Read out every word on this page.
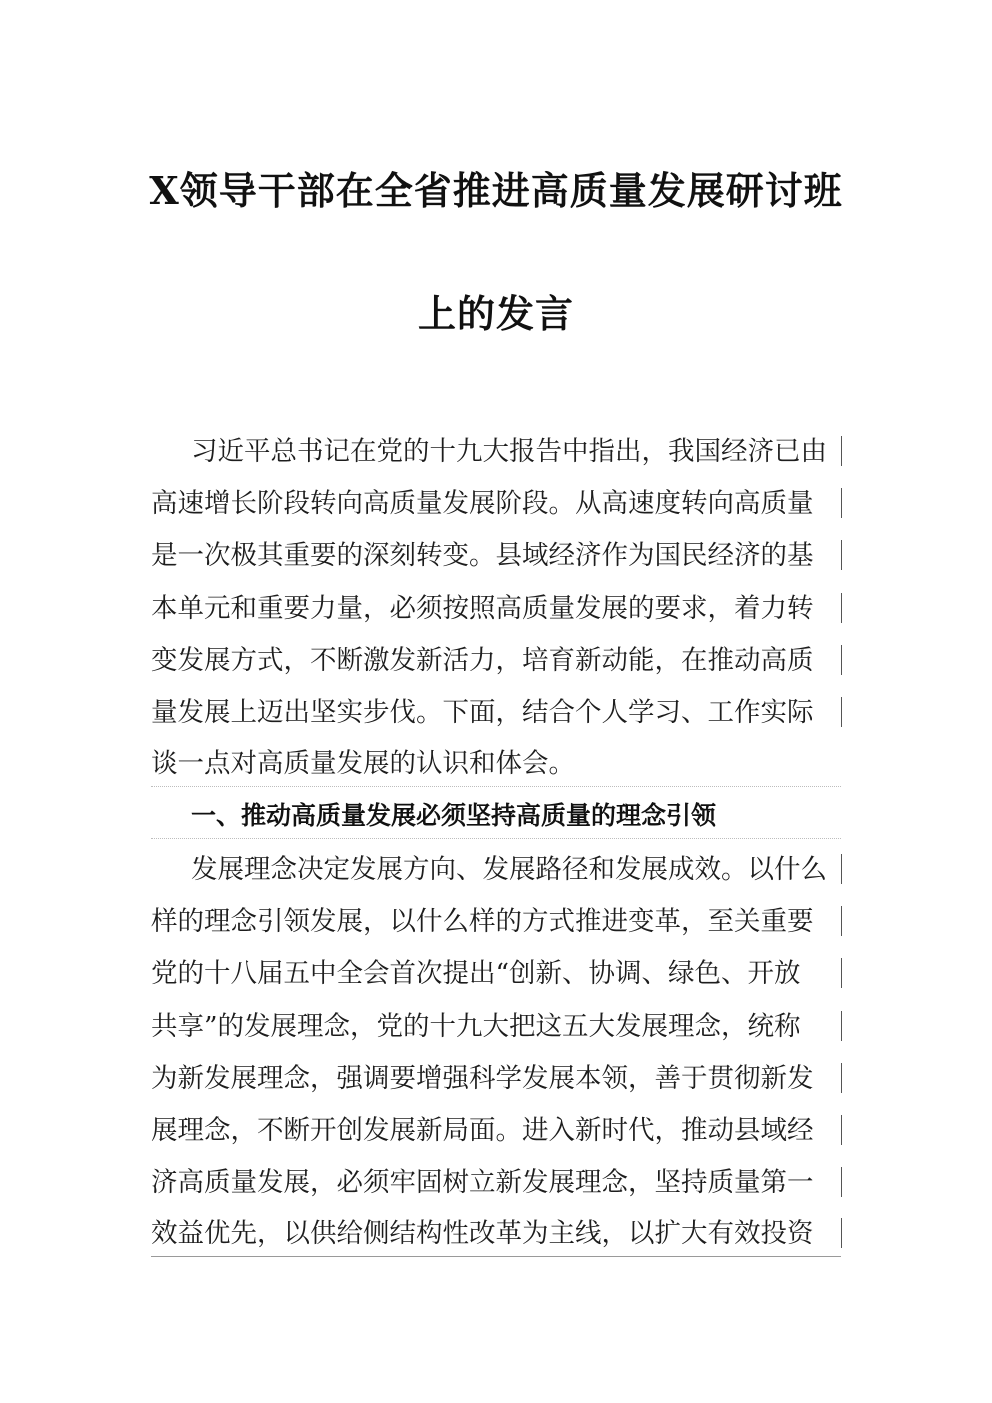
X领导干部在全省推进高质量发展研讨班
上的发言
习近平总书记在党的十九大报告中指出，我国经济已由
高速增长阶段转向高质量发展阶段。从高速度转向高质量
是一次极其重要的深刻转变。县域经济作为国民经济的基
本单元和重要力量，必须按照高质量发展的要求，着力转
变发展方式，不断激发新活力，培育新动能，在推动高质
量发展上迈出坚实步伐。下面，结合个人学习、工作实际
谈一点对高质量发展的认识和体会。
一、推动高质量发展必须坚持高质量的理念引领
发展理念决定发展方向、发展路径和发展成效。以什么
样的理念引领发展，以什么样的方式推进变革，至关重要
党的十八届五中全会首次提出“创新、协调、绿色、开放
共享”的发展理念，党的十九大把这五大发展理念，统称
为新发展理念，强调要增强科学发展本领，善于贯彻新发
展理念，不断开创发展新局面。进入新时代，推动县域经
济高质量发展，必须牢固树立新发展理念，坚持质量第一
效益优先，以供给侧结构性改革为主线，以扩大有效投资
